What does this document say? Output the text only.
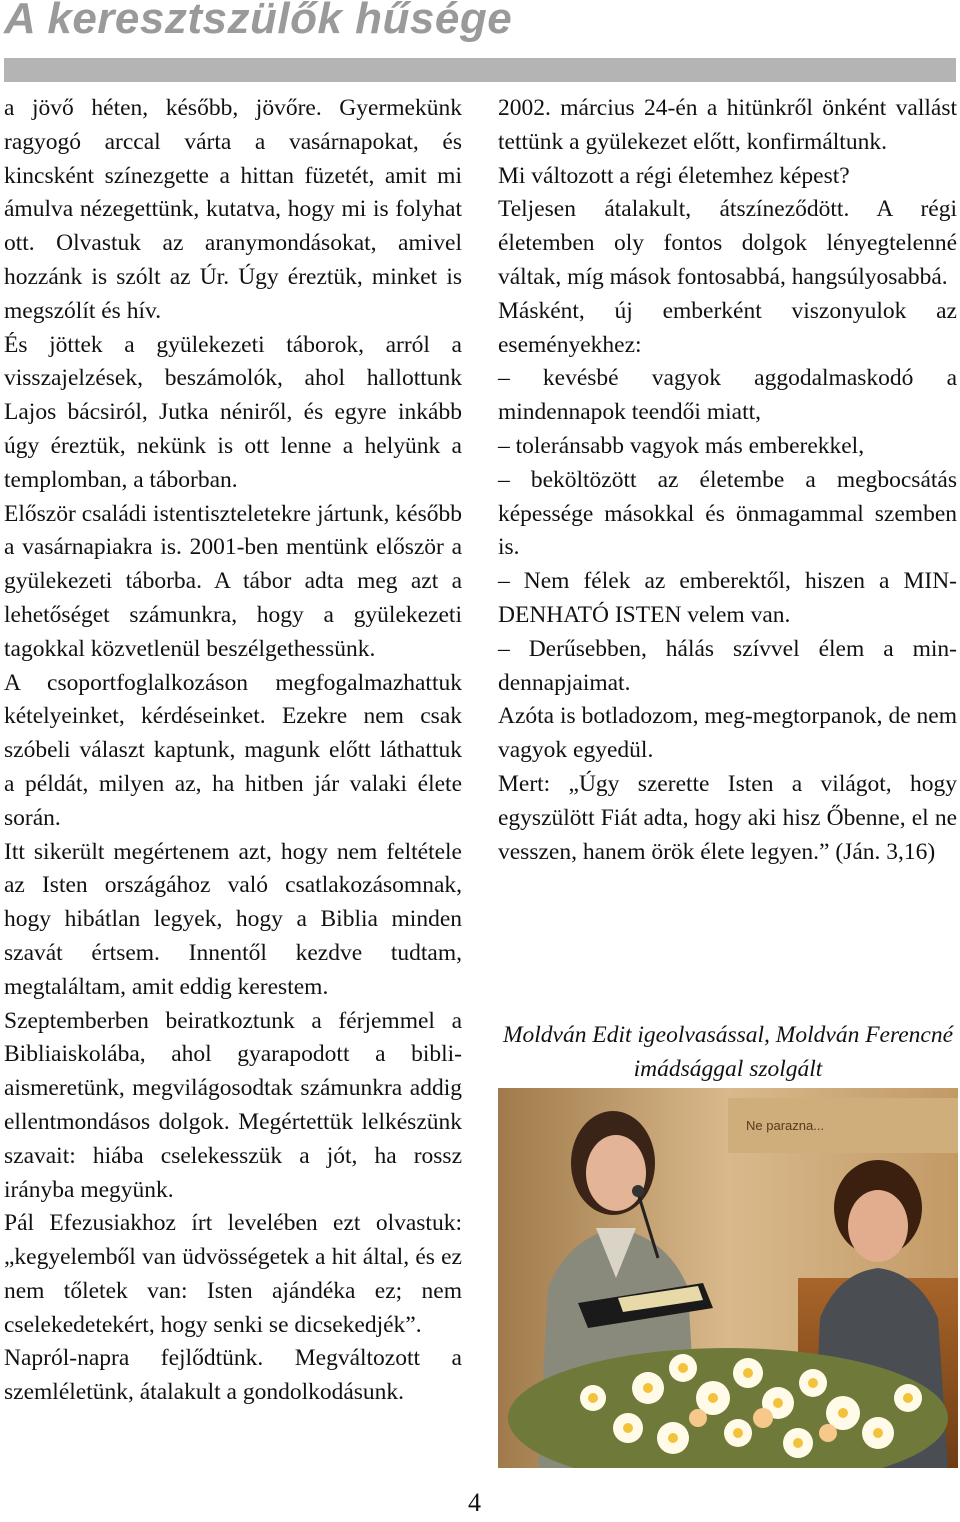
A keresztszülők hűsége

a jövő héten, később, jövőre. Gyermekünk ragyogó arccal várta a vasárnapokat, és kincsként színezgette a hittan füzetét, amit mi ámulva nézegettünk, kutatva, hogy mi is folyhat ott. Olvastuk az aranymondásokat, amivel hozzánk is szólt az Úr. Úgy éreztük, minket is megszólít és hív.

És jöttek a gyülekezeti táborok, arról a visszajelzések, beszámolók, ahol hallottunk Lajos bácsiról, Jutka néniről, és egyre inkább úgy éreztük, nekünk is ott lenne a helyünk a templomban, a táborban.

Először családi istentiszteletekre jártunk, később a vasárnapiakra is. 2001-ben mentünk először a gyülekezeti táborba. A tábor adta meg azt a lehetőséget számunkra, hogy a gyülekezeti tagokkal közvetlenül beszélgethessünk.

A csoportfoglalkozáson megfogalmazhattuk kételyeinket, kérdéseinket. Ezekre nem csak szóbeli választ kaptunk, magunk előtt láthattuk a példát, milyen az, ha hitben jár valaki élete során.

Itt sikerült megértenem azt, hogy nem feltétele az Isten országához való csatlakozásomnak, hogy hibátlan legyek, hogy a Biblia minden szavát értsem. Innentől kezdve tudtam, megtaláltam, amit eddig kerestem.

Szeptemberben beiratkoztunk a férjemmel a Bibliaiskolába, ahol gyarapodott a bibliaismeretünk, megvilágosodtak számunkra addig ellentmondásos dolgok. Megértettük lelkészünk szavait: hiába cselekesszük a jót, ha rossz irányba megyünk.

Pál Efezusiakhoz írt levelében ezt olvastuk: „kegyelemből van üdvösségetek a hit által, és ez nem tőletek van: Isten ajándéka ez; nem cselekedetekért, hogy senki se dicsekedjék”.

Napról-napra fejlődtünk. Megváltozott a szemléletünk, átalakult a gondolkodásunk.

2002. március 24-én a hitünkről önként vallást tettünk a gyülekezet előtt, konfirmáltunk.

Mi változott a régi életemhez képest?

Teljesen átalakult, átszíneződött. A régi életemben oly fontos dolgok lényegtelenné váltak, míg mások fontosabbá, hangsúlyosabbá.

Másként, új emberként viszonyulok az eseményekhez:

– kevésbé vagyok aggodalmaskodó a mindennapok teendői miatt,

– toleránsabb vagyok más emberekkel,

– beköltözött az életembe a megbocsátás képessége másokkal és önmagammal szemben is.

– Nem félek az emberektől, hiszen a MINDENHATÓ ISTEN velem van.

– Derűsebben, hálás szívvel élem a mindennapjaimat.

Azóta is botladozom, meg-megtorpanok, de nem vagyok egyedül.

Mert: „Úgy szerette Isten a világot, hogy egyszülött Fiát adta, hogy aki hisz Őbenne, el ne vesszen, hanem örök élete legyen.” (Ján. 3,16)

Moldván Edit igeolvasással, Moldván Ferencné
imádsággal szolgált

Ne parazna...
4
